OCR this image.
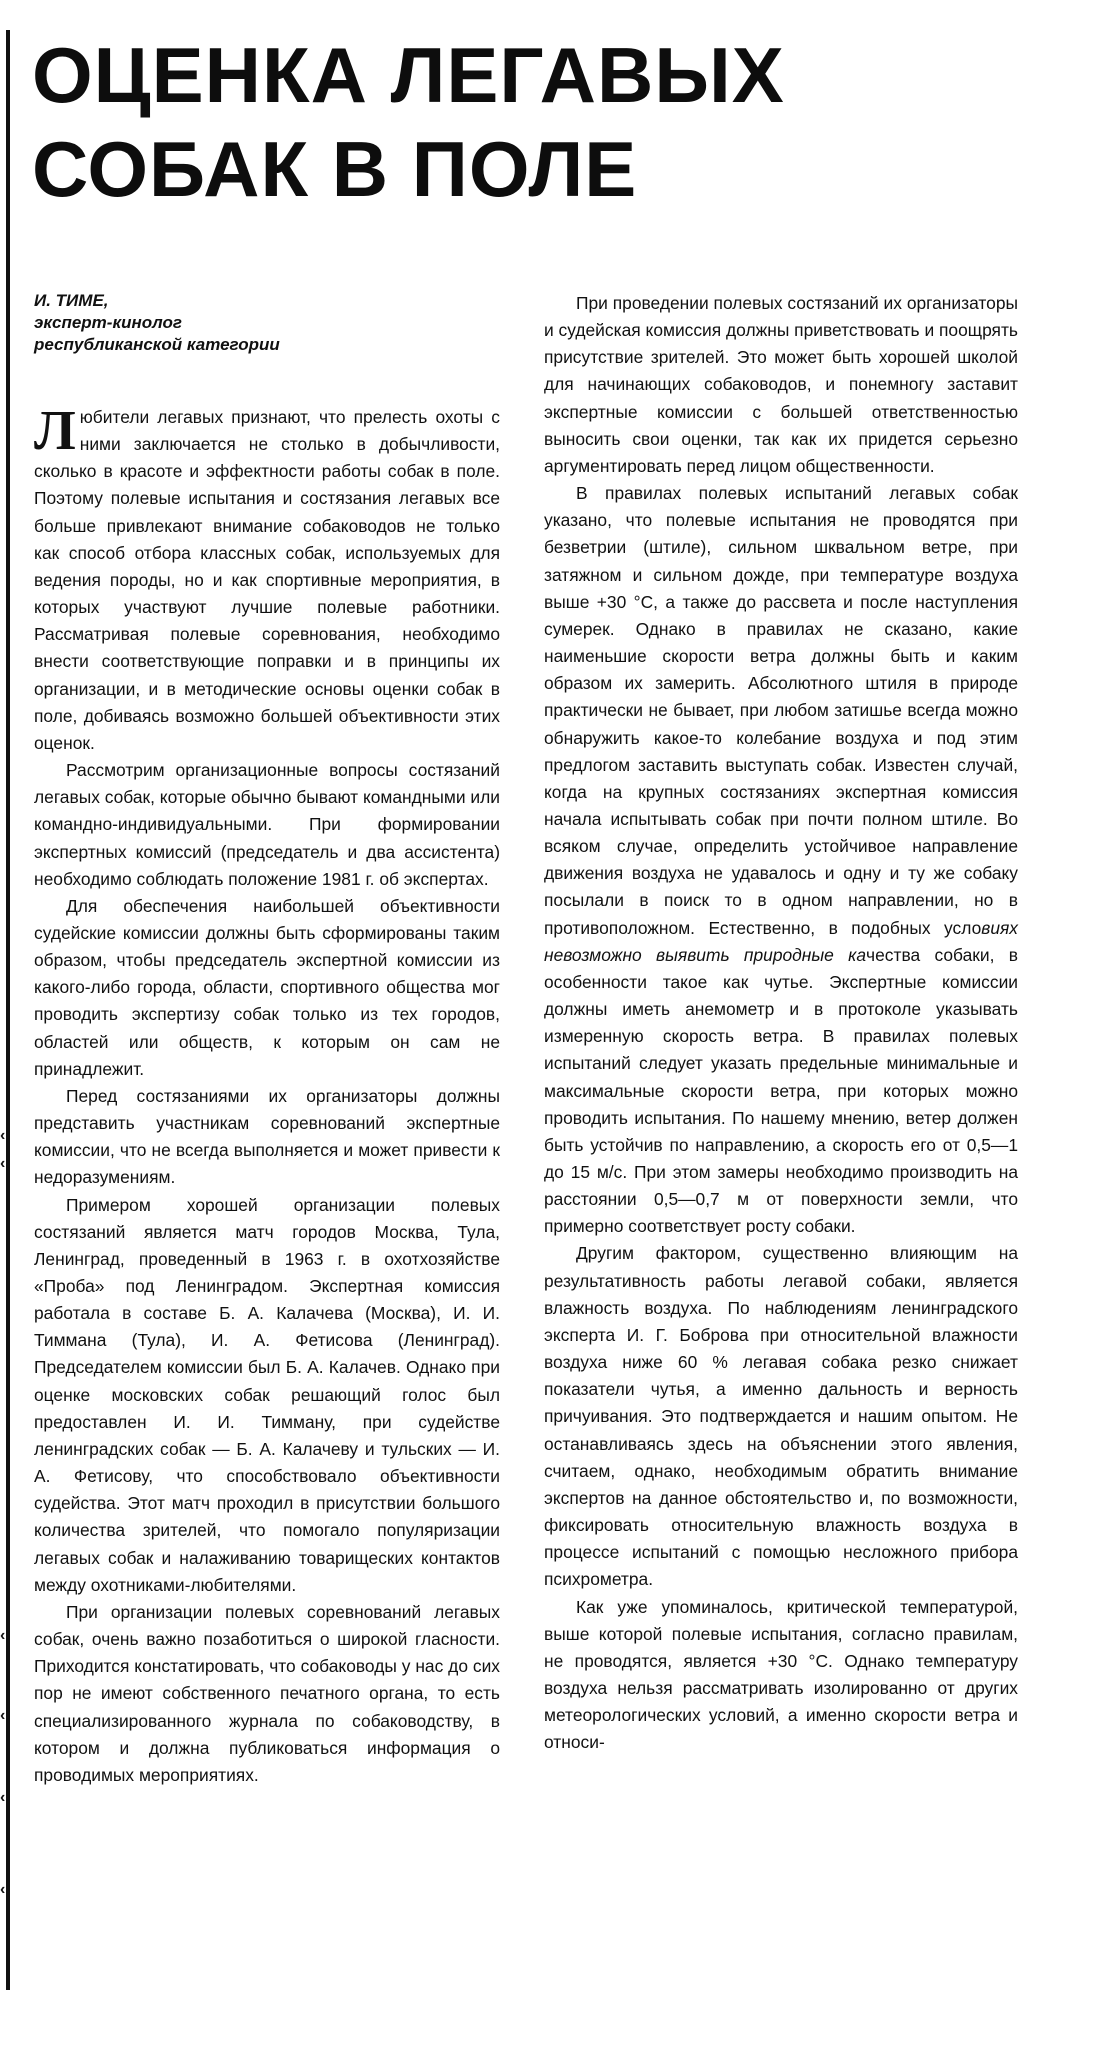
‹
‹
‹
‹
‹
‹
ОЦЕНКА ЛЕГАВЫХ
СОБАК В ПОЛЕ
И. ТИМЕ,
эксперт-кинолог
республиканской категории

Любители легавых признают, что прелесть охоты с ними заключается не столько в добычливости, сколько в красоте и эффектности работы собак в поле. Поэтому полевые испытания и состязания легавых все больше привлекают внимание собаководов не только как способ отбора классных собак, используемых для ведения породы, но и как спортивные мероприятия, в которых участвуют лучшие полевые работники. Рассматривая полевые соревнования, необходимо внести соответствующие поправки и в принципы их организации, и в методические основы оценки собак в поле, добиваясь возможно большей объективности этих оценок.

Рассмотрим организационные вопросы состязаний легавых собак, которые обычно бывают командными или командно-индивидуальными. При формировании экспертных комиссий (председатель и два ассистента) необходимо соблюдать положение 1981 г. об экспертах.

Для обеспечения наибольшей объективности судейские комиссии должны быть сформированы таким образом, чтобы председатель экспертной комиссии из какого-либо города, области, спортивного общества мог проводить экспертизу собак только из тех городов, областей или обществ, к которым он сам не принадлежит.

Перед состязаниями их организаторы должны представить участникам соревнований экспертные комиссии, что не всегда выполняется и может привести к недоразумениям.

Примером хорошей организации полевых состязаний является матч городов Москва, Тула, Ленинград, проведенный в 1963 г. в охотхозяйстве «Проба» под Ленинградом. Экспертная комиссия работала в составе Б. А. Калачева (Москва), И. И. Тиммана (Тула), И. А. Фетисова (Ленинград). Председателем комиссии был Б. А. Калачев. Однако при оценке московских собак решающий голос был предоставлен И. И. Тимману, при судействе ленинградских собак — Б. А. Калачеву и тульских — И. А. Фетисову, что способствовало объективности судейства. Этот матч проходил в присутствии большого количества зрителей, что помогало популяризации легавых собак и налаживанию товарищеских контактов между охотниками-любителями.

При организации полевых соревнований легавых собак, очень важно позаботиться о широкой гласности. Приходится констатировать, что собаководы у нас до сих пор не имеют собственного печатного органа, то есть специализированного журнала по собаководству, в котором и должна публиковаться информация о проводимых мероприятиях.

При проведении полевых состязаний их организаторы и судейская комиссия должны приветствовать и поощрять присутствие зрителей. Это может быть хорошей школой для начинающих собаководов, и понемногу заставит экспертные комиссии с большей ответственностью выносить свои оценки, так как их придется серьезно аргументировать перед лицом общественности.

В правилах полевых испытаний легавых собак указано, что полевые испытания не проводятся при безветрии (штиле), сильном шквальном ветре, при затяжном и сильном дожде, при температуре воздуха выше +30 °С, а также до рассвета и после наступления сумерек. Однако в правилах не сказано, какие наименьшие скорости ветра должны быть и каким образом их замерить. Абсолютного штиля в природе практически не бывает, при любом затишье всегда можно обнаружить какое-то колебание воздуха и под этим предлогом заставить выступать собак. Известен случай, когда на крупных состязаниях экспертная комиссия начала испытывать собак при почти полном штиле. Во всяком случае, определить устойчивое направление движения воздуха не удавалось и одну и ту же собаку посылали в поиск то в одном направлении, но в противоположном. Естественно, в подобных условиях невозможно выявить природные качества собаки, в особенности такое как чутье. Экспертные комиссии должны иметь анемометр и в протоколе указывать измеренную скорость ветра. В правилах полевых испытаний следует указать предельные минимальные и максимальные скорости ветра, при которых можно проводить испытания. По нашему мнению, ветер должен быть устойчив по направлению, а скорость его от 0,5—1 до 15 м/с. При этом замеры необходимо производить на расстоянии 0,5—0,7 м от поверхности земли, что примерно соответствует росту собаки.

Другим фактором, существенно влияющим на результативность работы легавой собаки, является влажность воздуха. По наблюдениям ленинградского эксперта И. Г. Боброва при относительной влажности воздуха ниже 60 % легавая собака резко снижает показатели чутья, а именно дальность и верность причуивания. Это подтверждается и нашим опытом. Не останавливаясь здесь на объяснении этого явления, считаем, однако, необходимым обратить внимание экспертов на данное обстоятельство и, по возможности, фиксировать относительную влажность воздуха в процессе испытаний с помощью несложного прибора психрометра.

Как уже упоминалось, критической температурой, выше которой полевые испытания, согласно правилам, не проводятся, является +30 °С. Однако температуру воздуха нельзя рассматривать изолированно от других метеорологических условий, а именно скорости ветра и относи-
